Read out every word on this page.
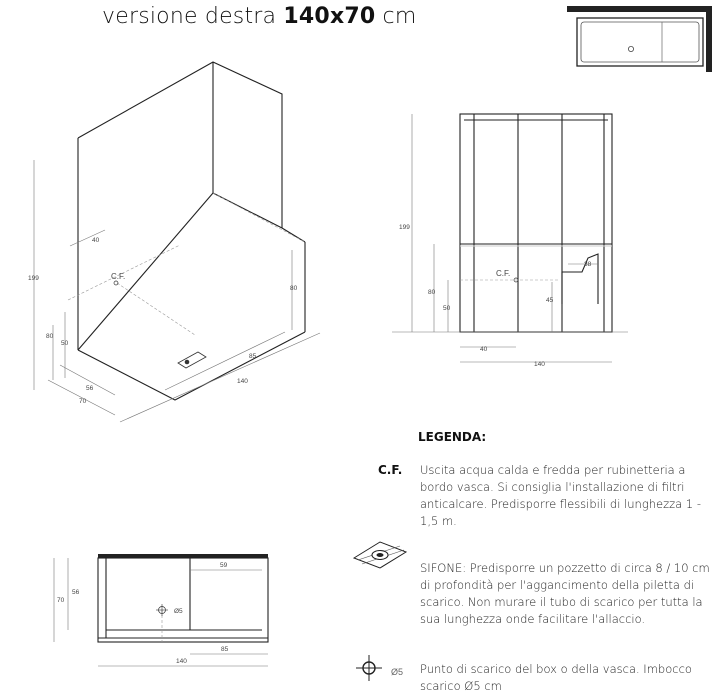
versione destra 140x70 cm
C.F.
199
80
50
40
80
56
70
140
85
C.F.
199
80
50
45
38
40
140
70
56
59
Ø5
85
140
LEGENDA:
C.F. Uscita acqua calda e fredda per rubinetteria a bordo vasca. Si consiglia l'installazione di filtri anticalcare. Predisporre flessibili di lunghezza 1 - 1,5 m.
SIFONE: Predisporre un pozzetto di circa 8 / 10 cm di profondità per l'aggancimento della piletta di scarico. Non murare il tubo di scarico per tutta la sua lunghezza onde facilitare l'allaccio.
Ø5 Punto di scarico del box o della vasca. Imbocco scarico Ø5 cm
